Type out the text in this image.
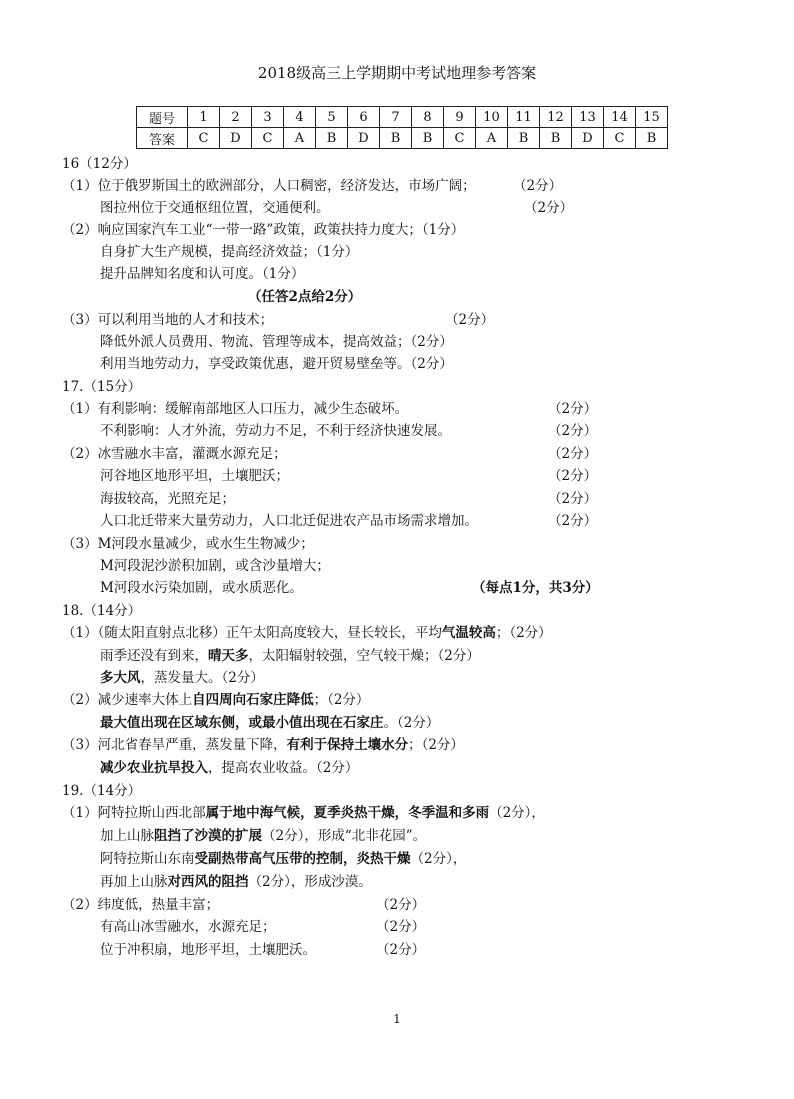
2018级高三上学期期中考试地理参考答案
题号	1	2	3	4	5	6	7	8	9	10	11	12	13	14	15
答案	C	D	C	A	B	D	B	B	C	A	B	B	D	C	B
16（12分）
（1）位于俄罗斯国土的欧洲部分，人口稠密，经济发达，市场广阔；	（2分）
图拉州位于交通枢纽位置，交通便利。	（2分）
（2）响应国家汽车工业“一带一路”政策，政策扶持力度大；（1分）
自身扩大生产规模，提高经济效益；（1分）
提升品牌知名度和认可度。（1分）
（任答2点给2分）
（3）可以利用当地的人才和技术；	（2分）
降低外派人员费用、物流、管理等成本，提高效益；（2分）
利用当地劳动力，享受政策优惠，避开贸易壁垒等。（2分）
17.（15分）
（1）有利影响：缓解南部地区人口压力，减少生态破坏。	（2分）
不利影响：人才外流，劳动力不足，不利于经济快速发展。	（2分）
（2）冰雪融水丰富，灌溉水源充足；	（2分）
河谷地区地形平坦，土壤肥沃；	（2分）
海拔较高，光照充足；	（2分）
人口北迁带来大量劳动力，人口北迁促进农产品市场需求增加。	（2分）
（3）M河段水量减少，或水生生物减少；
M河段泥沙淤积加剧，或含沙量增大；
M河段水污染加剧，或水质恶化。	（每点1分，共3分）
18.（14分）
（1）（随太阳直射点北移）正午太阳高度较大，昼长较长，平均气温较高；（2分）
雨季还没有到来，晴天多，太阳辐射较强，空气较干燥；（2分）
多大风，蒸发量大。（2分）
（2）减少速率大体上自四周向石家庄降低；（2分）
最大值出现在区域东侧，或最小值出现在石家庄。（2分）
（3）河北省春旱严重，蒸发量下降，有利于保持土壤水分；（2分）
减少农业抗旱投入，提高农业收益。（2分）
19.（14分）
（1）阿特拉斯山西北部属于地中海气候，夏季炎热干燥，冬季温和多雨（2分），
加上山脉阻挡了沙漠的扩展（2分），形成“北非花园”。
阿特拉斯山东南受副热带高气压带的控制，炎热干燥（2分），
再加上山脉对西风的阻挡（2分），形成沙漠。
（2）纬度低，热量丰富；	（2分）
有高山冰雪融水，水源充足；	（2分）
位于冲积扇，地形平坦，土壤肥沃。	（2分）
1
